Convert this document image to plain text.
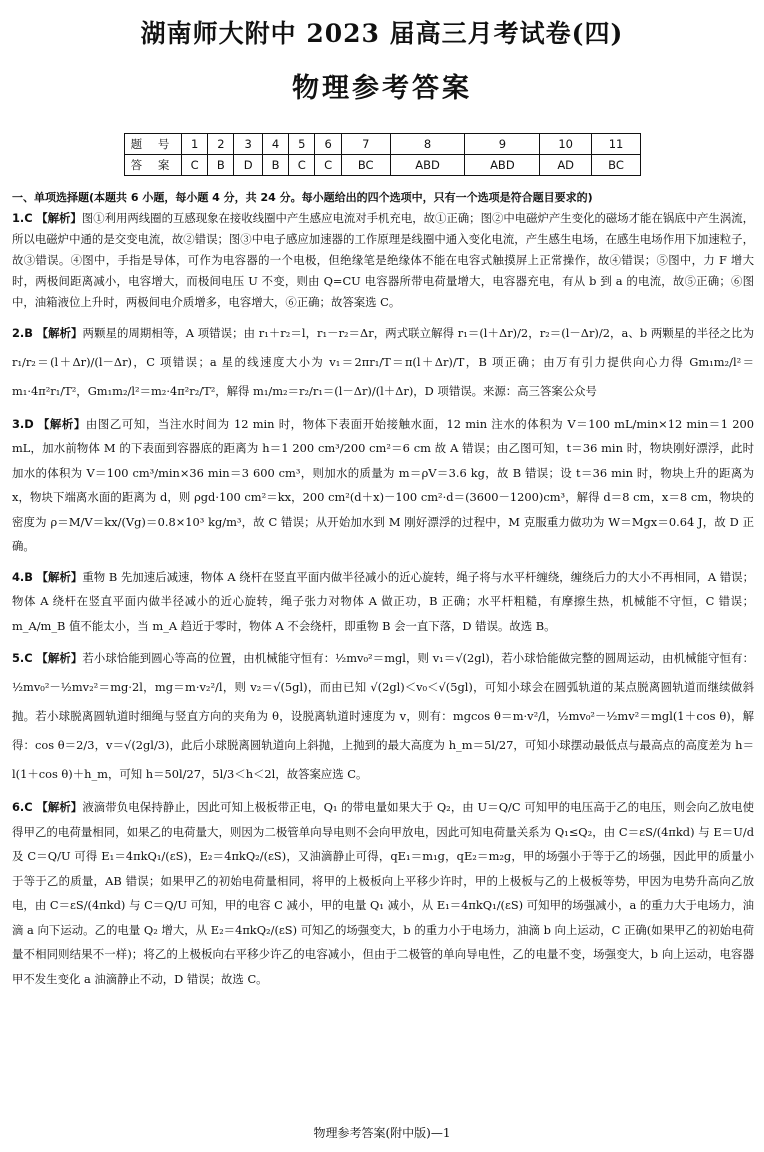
湖南师大附中 2023 届高三月考试卷(四)
物理参考答案
题 号	1	2	3	4	5	6	7	8	9	10	11
答 案	C	B	D	B	C	C	BC	ABD	ABD	AD	BC
一、单项选择题(本题共 6 小题，每小题 4 分，共 24 分。每小题给出的四个选项中，只有一个选项是符合题目要求的)
1.C 【解析】图①利用两线圈的互感现象在接收线圈中产生感应电流对手机充电，故①正确；图②中电磁炉产生变化的磁场才能在锅底中产生涡流，所以电磁炉中通的是交变电流，故②错误；图③中电子感应加速器的工作原理是线圈中通入变化电流，产生感生电场，在感生电场作用下加速粒子，故③错误。④图中，手指是导体，可作为电容器的一个电极，但绝缘笔是绝缘体不能在电容式触摸屏上正常操作，故④错误；⑤图中，力 F 增大时，两极间距离减小，电容增大，而极间电压 U 不变，则由 Q=CU 电容器所带电荷量增大，电容器充电，有从 b 到 a 的电流，故⑤正确；⑥图中，油箱液位上升时，两极间电介质增多，电容增大，⑥正确；故答案选 C。
2.B 【解析】两颗星的周期相等，A 项错误；由 r₁＋r₂＝l，r₁－r₂＝Δr，两式联立解得 r₁＝(l＋Δr)/2，r₂＝(l－Δr)/2，a、b 两颗星的半径之比为 r₁/r₂＝(l＋Δr)/(l－Δr)，C 项错误；a 星的线速度大小为 v₁＝2πr₁/T＝π(l＋Δr)/T，B 项正确；由万有引力提供向心力得 Gm₁m₂/l²＝m₁·4π²r₁/T²，Gm₁m₂/l²＝m₂·4π²r₂/T²，解得 m₁/m₂＝r₂/r₁＝(l－Δr)/(l＋Δr)，D 项错误。来源：高三答案公众号
3.D 【解析】由图乙可知，当注水时间为 12 min 时，物体下表面开始接触水面，12 min 注水的体积为 V＝100 mL/min×12 min＝1 200 mL，加水前物体 M 的下表面到容器底的距离为 h＝1 200 cm³/200 cm²＝6 cm 故 A 错误；由乙图可知，t＝36 min 时，物块刚好漂浮，此时加水的体积为 V＝100 cm³/min×36 min＝3 600 cm³，则加水的质量为 m＝ρV＝3.6 kg，故 B 错误；设 t＝36 min 时，物块上升的距离为 x，物块下端离水面的距离为 d，则 ρgd·100 cm²＝kx，200 cm²(d＋x)－100 cm²·d＝(3600－1200)cm³，解得 d＝8 cm，x＝8 cm，物块的密度为 ρ＝M/V＝kx/(Vg)＝0.8×10³ kg/m³，故 C 错误；从开始加水到 M 刚好漂浮的过程中，M 克服重力做功为 W＝Mgx＝0.64 J，故 D 正确。
4.B 【解析】重物 B 先加速后减速，物体 A 绕杆在竖直平面内做半径减小的近心旋转，绳子将与水平杆缠绕，缠绕后力的大小不再相同，A 错误；物体 A 绕杆在竖直平面内做半径减小的近心旋转，绳子张力对物体 A 做正功，B 正确；水平杆粗糙，有摩擦生热，机械能不守恒，C 错误；m_A/m_B 值不能太小，当 m_A 趋近于零时，物体 A 不会绕杆，即重物 B 会一直下落，D 错误。故选 B。
5.C 【解析】若小球恰能到圆心等高的位置，由机械能守恒有：½mv₀²＝mgl，则 v₁＝√(2gl)，若小球恰能做完整的圆周运动，由机械能守恒有：½mv₀²－½mv₂²＝mg·2l，mg＝m·v₂²/l，则 v₂＝√(5gl)，而由已知 √(2gl)＜v₀＜√(5gl)，可知小球会在圆弧轨道的某点脱离圆轨道而继续做斜抛。若小球脱离圆轨道时细绳与竖直方向的夹角为 θ，设脱离轨道时速度为 v，则有：mgcos θ＝m·v²/l，½mv₀²－½mv²＝mgl(1＋cos θ)，解得：cos θ＝2/3，v＝√(2gl/3)，此后小球脱离圆轨道向上斜抛，上抛到的最大高度为 h_m＝5l/27，可知小球摆动最低点与最高点的高度差为 h＝l(1＋cos θ)＋h_m，可知 h＝50l/27，5l/3＜h＜2l，故答案应选 C。
6.C 【解析】液滴带负电保持静止，因此可知上极板带正电，Q₁ 的带电量如果大于 Q₂，由 U＝Q/C 可知甲的电压高于乙的电压，则会向乙放电使得甲乙的电荷量相同，如果乙的电荷量大，则因为二极管单向导电则不会向甲放电，因此可知电荷量关系为 Q₁≤Q₂，由 C＝εS/(4πkd) 与 E＝U/d 及 C＝Q/U 可得 E₁＝4πkQ₁/(εS)，E₂＝4πkQ₂/(εS)，又油滴静止可得，qE₁＝m₁g，qE₂＝m₂g，甲的场强小于等于乙的场强，因此甲的质量小于等于乙的质量，AB 错误；如果甲乙的初始电荷量相同，将甲的上极板向上平移少许时，甲的上极板与乙的上极板等势，甲因为电势升高向乙放电，由 C＝εS/(4πkd) 与 C＝Q/U 可知，甲的电容 C 减小，甲的电量 Q₁ 减小，从 E₁＝4πkQ₁/(εS) 可知甲的场强减小，a 的重力大于电场力，油滴 a 向下运动。乙的电量 Q₂ 增大，从 E₂＝4πkQ₂/(εS) 可知乙的场强变大，b 的重力小于电场力，油滴 b 向上运动，C 正确(如果甲乙的初始电荷量不相同则结果不一样)；将乙的上极板向右平移少许乙的电容减小，但由于二极管的单向导电性，乙的电量不变，场强变大，b 向上运动，电容器甲不发生变化 a 油滴静止不动，D 错误；故选 C。
物理参考答案(附中版)—1
